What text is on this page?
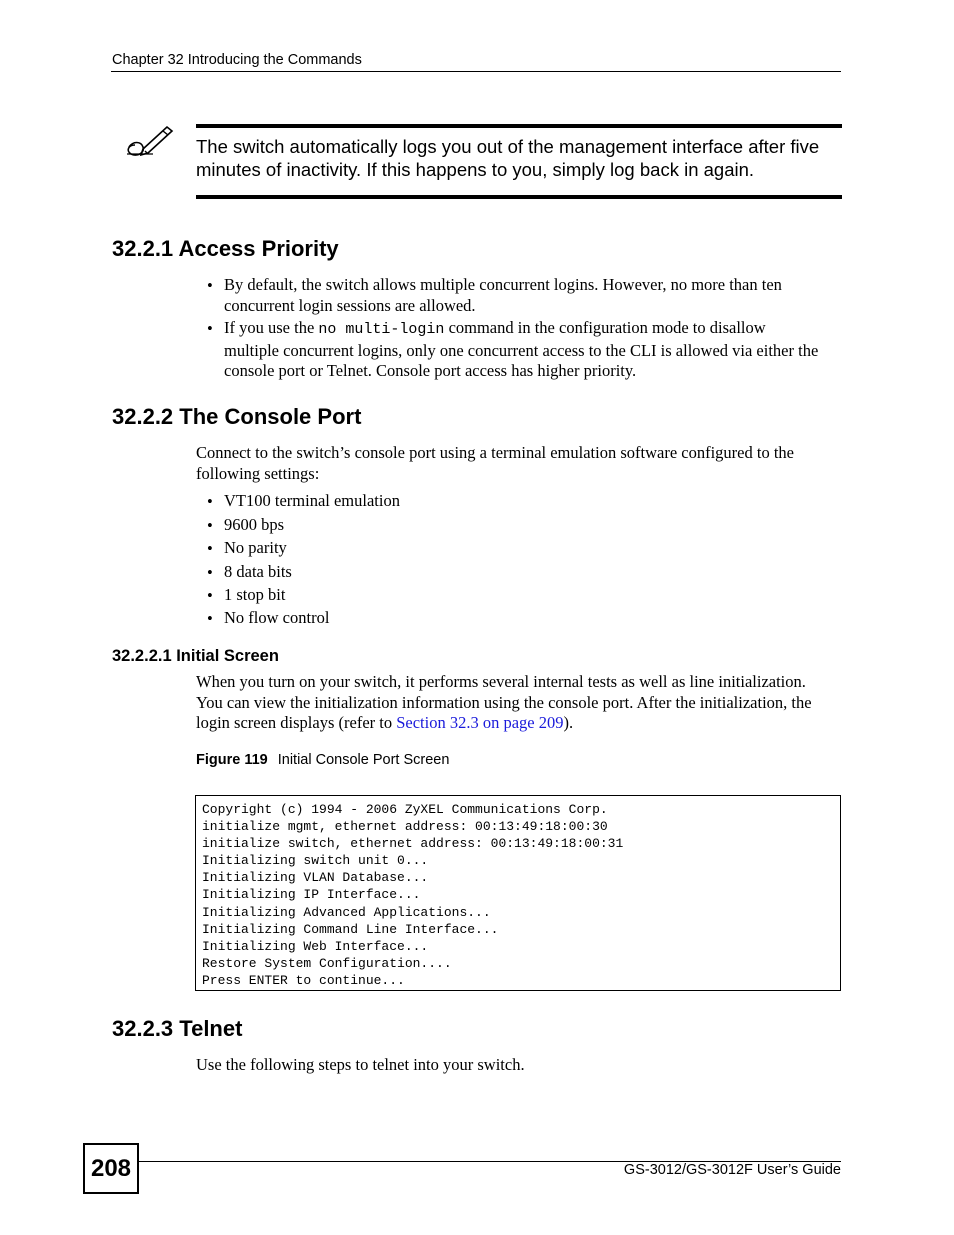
Chapter 32 Introducing the Commands
The switch automatically logs you out of the management interface after five
minutes of inactivity. If this happens to you, simply log back in again.
32.2.1 Access Priority
• By default, the switch allows multiple concurrent logins. However, no more than ten
concurrent login sessions are allowed.
• If you use the no multi-login command in the configuration mode to disallow
multiple concurrent logins, only one concurrent access to the CLI is allowed via either the
console port or Telnet. Console port access has higher priority.
32.2.2 The Console Port
Connect to the switch’s console port using a terminal emulation software configured to the
following settings:
• VT100 terminal emulation
• 9600 bps
• No parity
• 8 data bits
• 1 stop bit
• No flow control
32.2.2.1 Initial Screen
When you turn on your switch, it performs several internal tests as well as line initialization.
You can view the initialization information using the console port. After the initialization, the
login screen displays (refer to Section 32.3 on page 209).
Figure 119 Initial Console Port Screen
Copyright (c) 1994 - 2006 ZyXEL Communications Corp.
initialize mgmt, ethernet address: 00:13:49:18:00:30
initialize switch, ethernet address: 00:13:49:18:00:31
Initializing switch unit 0...
Initializing VLAN Database...
Initializing IP Interface...
Initializing Advanced Applications...
Initializing Command Line Interface...
Initializing Web Interface...
Restore System Configuration....
Press ENTER to continue...
32.2.3 Telnet
Use the following steps to telnet into your switch.
208	GS-3012/GS-3012F User’s Guide
